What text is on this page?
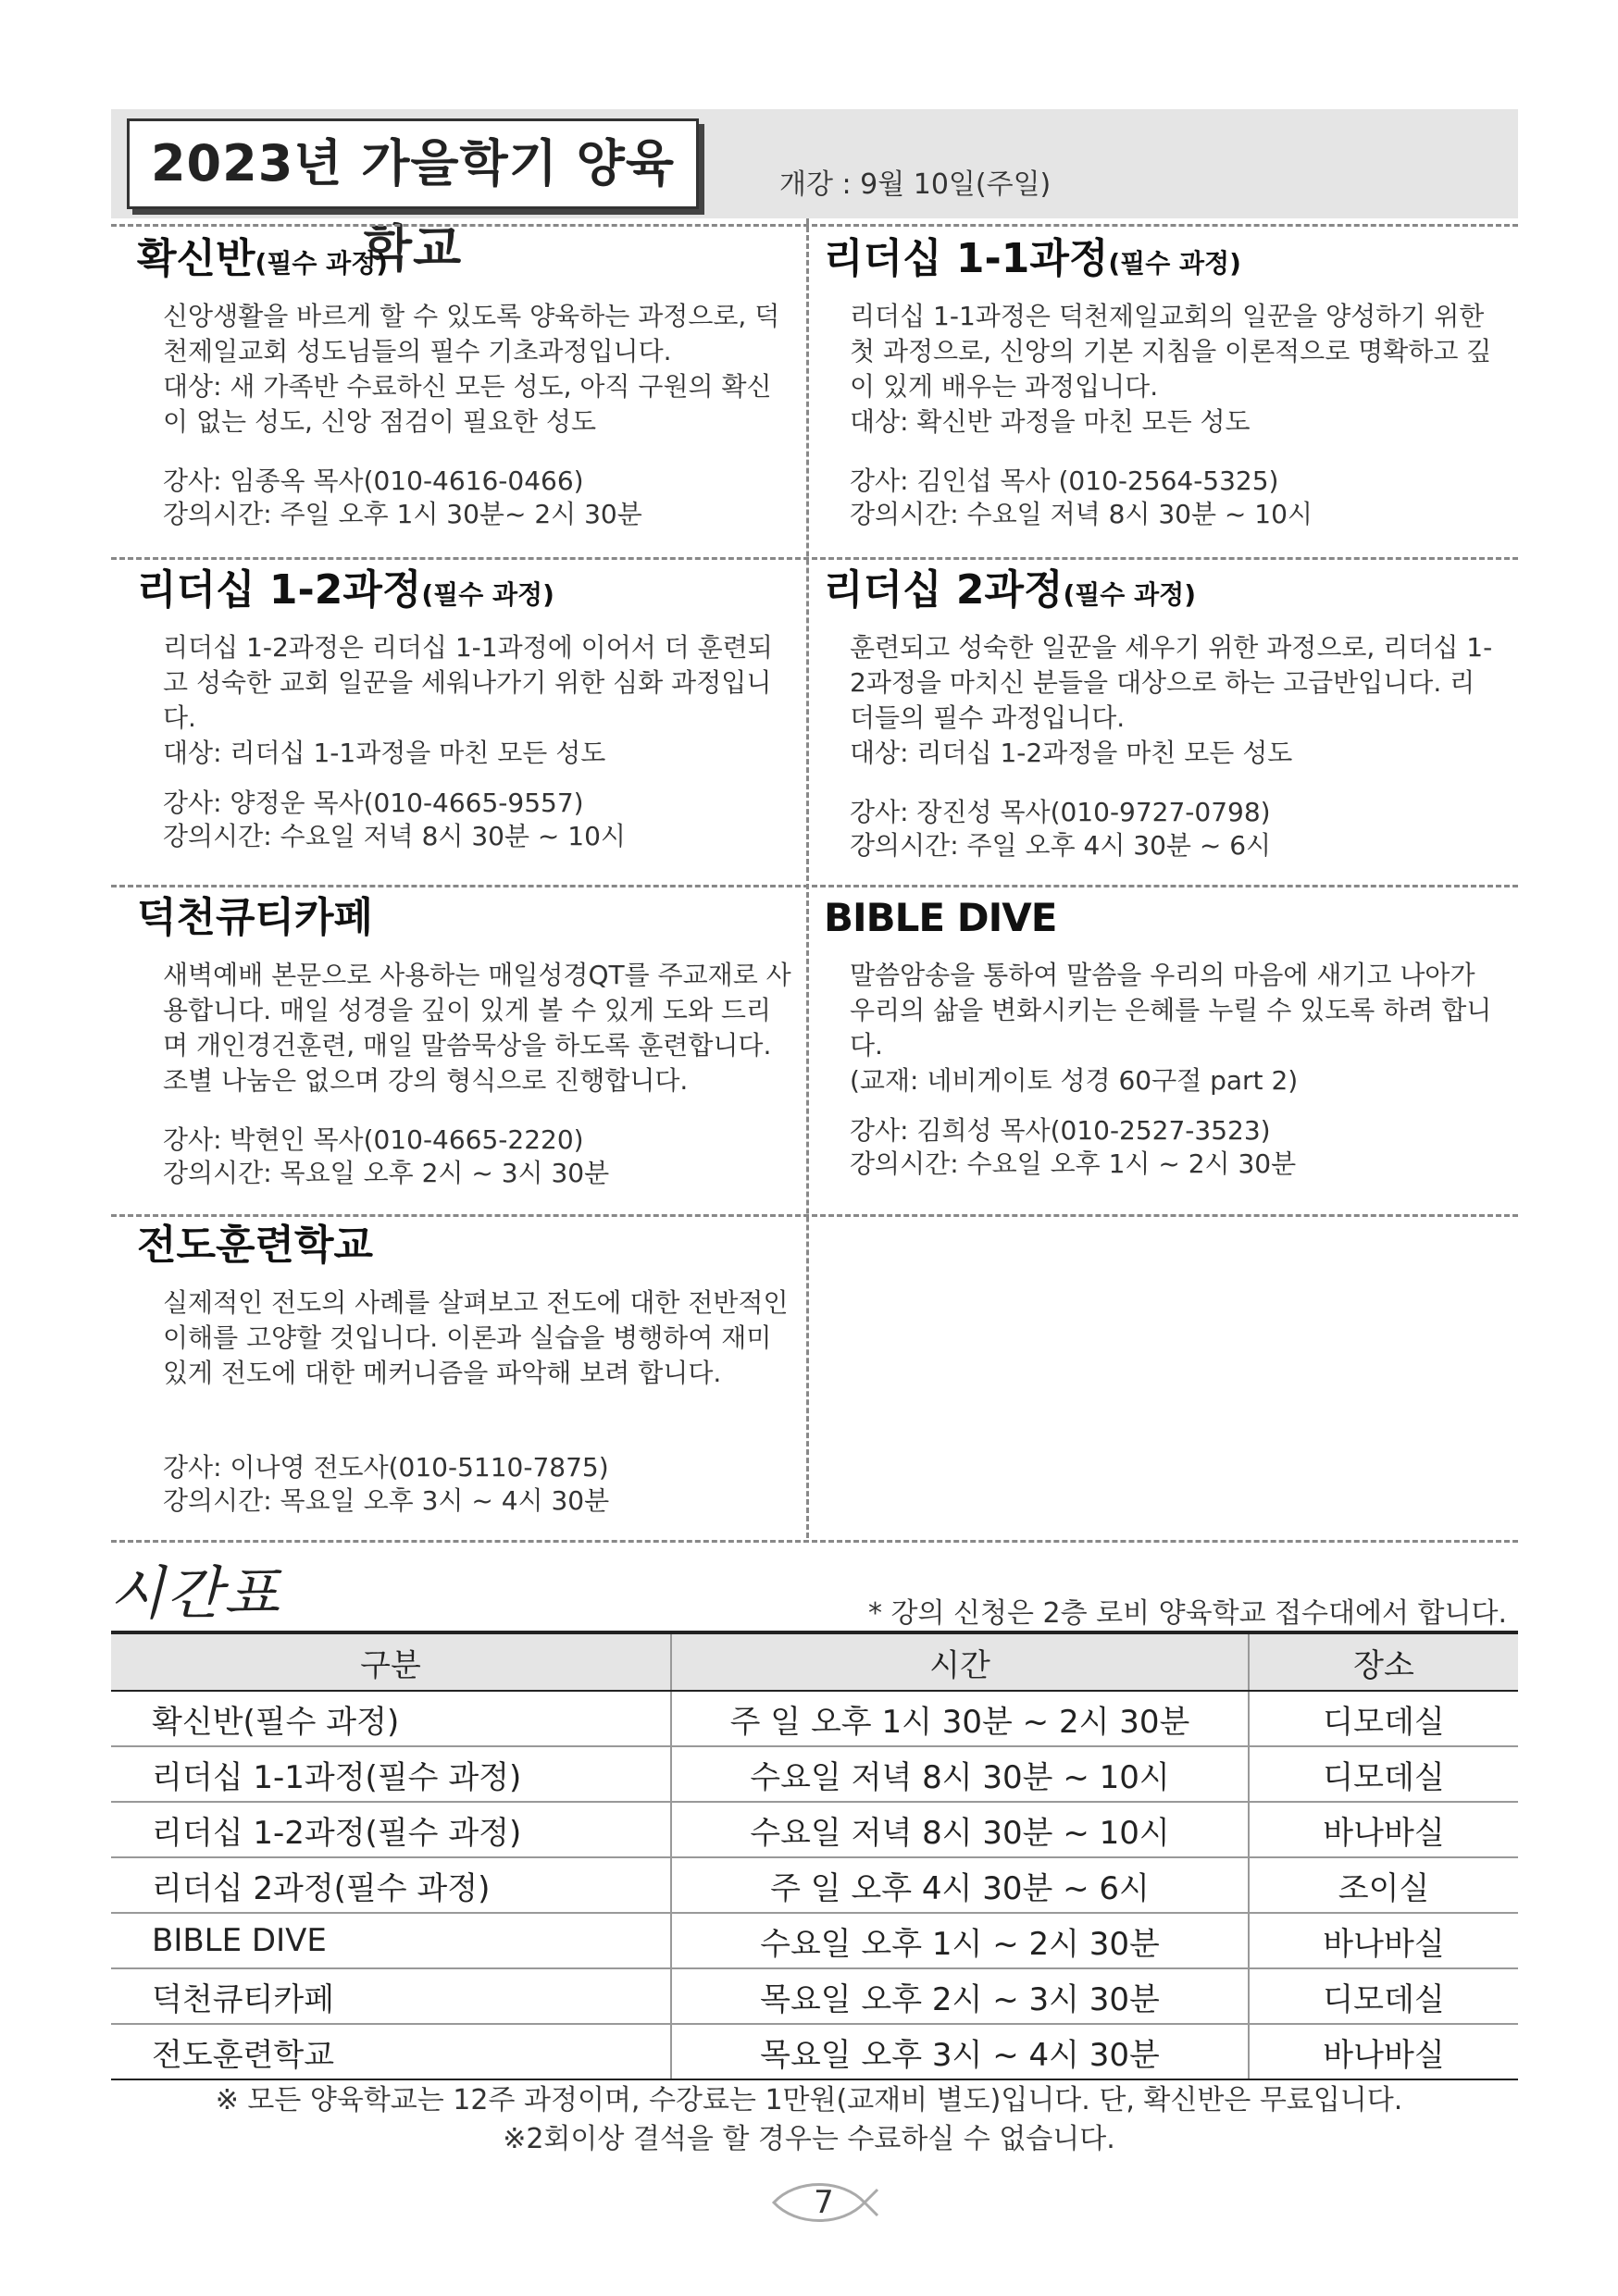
2023년 가을학기 양육학교
개강 : 9월 10일(주일)
확신반(필수 과정)

신앙생활을 바르게 할 수 있도록 양육하는 과정으로, 덕천제일교회 성도님들의 필수 기초과정입니다.

대상: 새 가족반 수료하신 모든 성도, 아직 구원의 확신이 없는 성도, 신앙 점검이 필요한 성도

강사: 임종옥 목사(010-4616-0466)
강의시간: 주일 오후 1시 30분~ 2시 30분
리더십 1-1과정(필수 과정)

리더십 1-1과정은 덕천제일교회의 일꾼을 양성하기 위한 첫 과정으로, 신앙의 기본 지침을 이론적으로 명확하고 깊이 있게 배우는 과정입니다.

대상: 확신반 과정을 마친 모든 성도

강사: 김인섭 목사 (010-2564-5325)
강의시간: 수요일 저녁 8시 30분 ~ 10시
리더십 1-2과정(필수 과정)

리더십 1-2과정은 리더십 1-1과정에 이어서 더 훈련되고 성숙한 교회 일꾼을 세워나가기 위한 심화 과정입니다.

대상: 리더십 1-1과정을 마친 모든 성도

강사: 양정운 목사(010-4665-9557)
강의시간: 수요일 저녁 8시 30분 ~ 10시
리더십 2과정(필수 과정)

훈련되고 성숙한 일꾼을 세우기 위한 과정으로, 리더십 1-2과정을 마치신 분들을 대상으로 하는 고급반입니다. 리더들의 필수 과정입니다.

대상: 리더십 1-2과정을 마친 모든 성도

강사: 장진성 목사(010-9727-0798)
강의시간: 주일 오후 4시 30분 ~ 6시
덕천큐티카페

새벽예배 본문으로 사용하는 매일성경QT를 주교재로 사용합니다. 매일 성경을 깊이 있게 볼 수 있게 도와 드리며 개인경건훈련, 매일 말씀묵상을 하도록 훈련합니다. 조별 나눔은 없으며 강의 형식으로 진행합니다.

강사: 박현인 목사(010-4665-2220)
강의시간: 목요일 오후 2시 ~ 3시 30분
BIBLE DIVE

말씀암송을 통하여 말씀을 우리의 마음에 새기고 나아가 우리의 삶을 변화시키는 은혜를 누릴 수 있도록 하려 합니다.

(교재: 네비게이토 성경 60구절 part 2)

강사: 김희성 목사(010-2527-3523)
강의시간: 수요일 오후 1시 ~ 2시 30분
전도훈련학교

실제적인 전도의 사례를 살펴보고 전도에 대한 전반적인 이해를 고양할 것입니다. 이론과 실습을 병행하여 재미있게 전도에 대한 메커니즘을 파악해 보려 합니다.

강사: 이나영 전도사(010-5110-7875)
강의시간: 목요일 오후 3시 ~ 4시 30분
시간표	* 강의 신청은 2층 로비 양육학교 접수대에서 합니다.
구분	시간	장소
확신반(필수 과정)	주 일 오후 1시 30분 ~ 2시 30분	디모데실
리더십 1-1과정(필수 과정)	수요일 저녁 8시 30분 ~ 10시	디모데실
리더십 1-2과정(필수 과정)	수요일 저녁 8시 30분 ~ 10시	바나바실
리더십 2과정(필수 과정)	주 일 오후 4시 30분 ~ 6시	조이실
BIBLE DIVE	수요일 오후 1시 ~ 2시 30분	바나바실
덕천큐티카페	목요일 오후 2시 ~ 3시 30분	디모데실
전도훈련학교	목요일 오후 3시 ~ 4시 30분	바나바실
※ 모든 양육학교는 12주 과정이며, 수강료는 1만원(교재비 별도)입니다. 단, 확신반은 무료입니다.
※2회이상 결석을 할 경우는 수료하실 수 없습니다.
7
